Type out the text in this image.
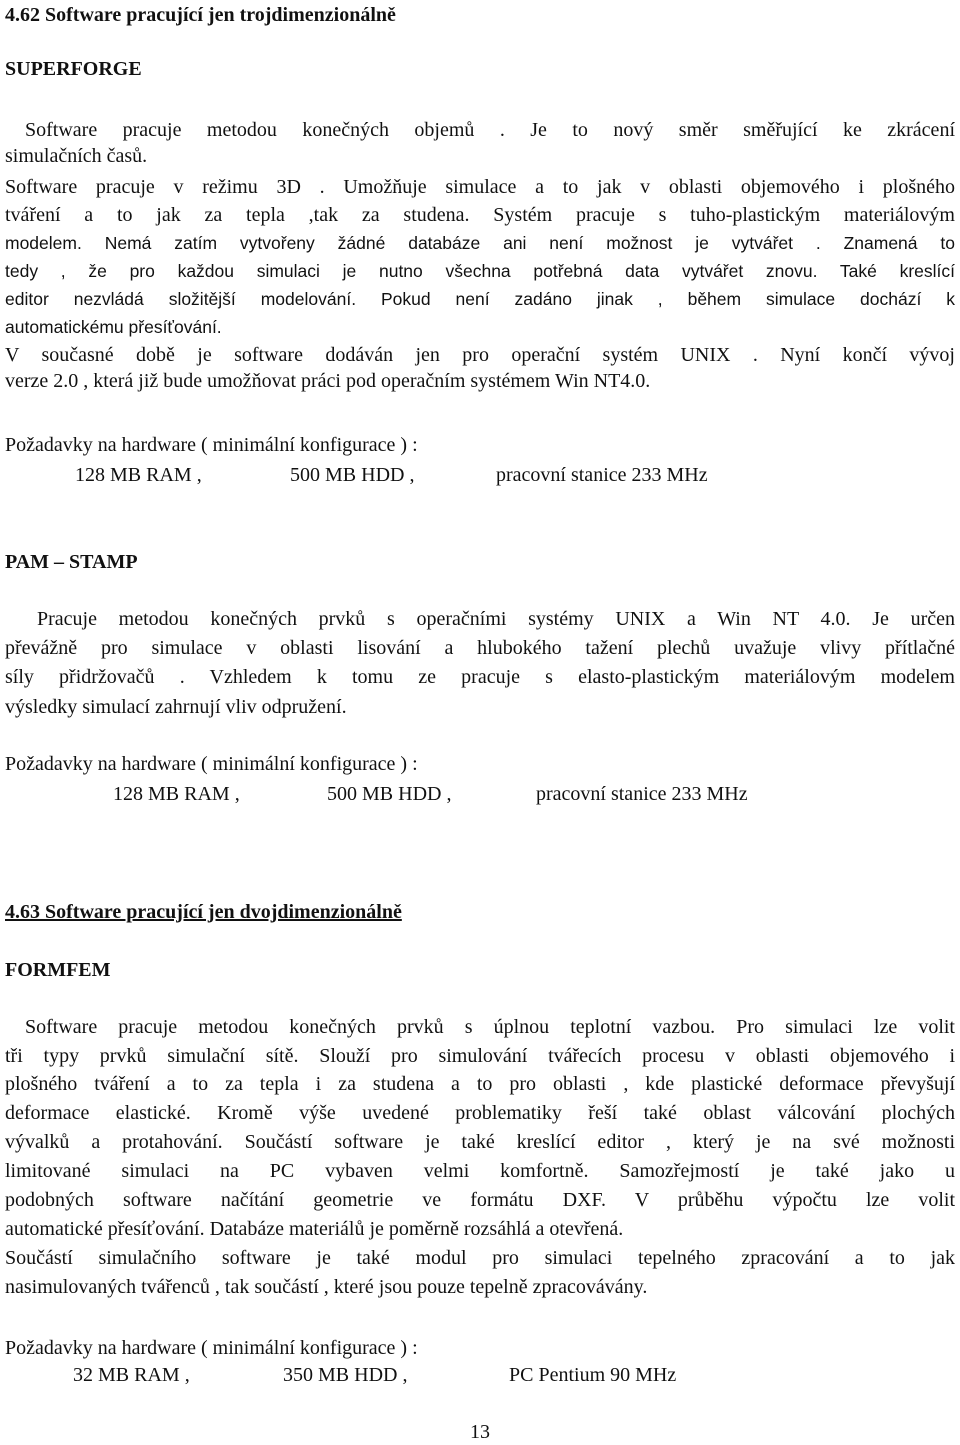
4.62 Software pracující jen trojdimenzionálně
SUPERFORGE
Software pracuje metodou konečných objemů . Je to nový směr směřující ke zkrácení
simulačních časů.
Software pracuje v režimu 3D . Umožňuje simulace a to jak v oblasti objemového i plošného
tváření a to jak za tepla ,tak za studena. Systém pracuje s tuho-plastickým materiálovým
modelem. Nemá zatím vytvořeny žádné databáze ani není možnost je vytvářet . Znamená to
tedy , že pro každou simulaci je nutno všechna potřebná data vytvářet znovu. Také kreslící
editor nezvládá složitější modelování. Pokud není zadáno jinak , během simulace dochází k
automatickému přesíťování.
V současné době je software dodáván jen pro operační systém UNIX . Nyní končí vývoj
verze 2.0 , která již bude umožňovat práci pod operačním systémem Win NT4.0.
Požadavky na hardware ( minimální konfigurace ) :
128 MB RAM ,	500 MB HDD ,	pracovní stanice 233 MHz
PAM – STAMP
Pracuje metodou konečných prvků s operačními systémy UNIX a Win NT 4.0. Je určen
převážně pro simulace v oblasti lisování a hlubokého tažení plechů uvažuje vlivy přítlačné
síly přidržovačů . Vzhledem k tomu ze pracuje s elasto-plastickým materiálovým modelem
výsledky simulací zahrnují vliv odpružení.
Požadavky na hardware ( minimální konfigurace ) :
128 MB RAM ,	500 MB HDD ,	pracovní stanice 233 MHz
4.63 Software pracující jen dvojdimenzionálně
FORMFEM
Software pracuje metodou konečných prvků s úplnou teplotní vazbou. Pro simulaci lze volit
tři typy prvků simulační sítě. Slouží pro simulování tvářecích procesu v oblasti objemového i
plošného tváření a to za tepla i za studena a to pro oblasti , kde plastické deformace převyšují
deformace elastické. Kromě výše uvedené problematiky řeší také oblast válcování plochých
vývalků a protahování. Součástí software je také kreslící editor , který je na své možnosti
limitované simulaci na PC vybaven velmi komfortně. Samozřejmostí je také jako u
podobných software načítání geometrie ve formátu DXF. V průběhu výpočtu lze volit
automatické přesíťování. Databáze materiálů je poměrně rozsáhlá a otevřená.
Součástí simulačního software je také modul pro simulaci tepelného zpracování a to jak
nasimulovaných tvářenců , tak součástí , které jsou pouze tepelně zpracovávány.
Požadavky na hardware ( minimální konfigurace ) :
32 MB RAM ,	350 MB HDD ,	PC Pentium 90 MHz
13
